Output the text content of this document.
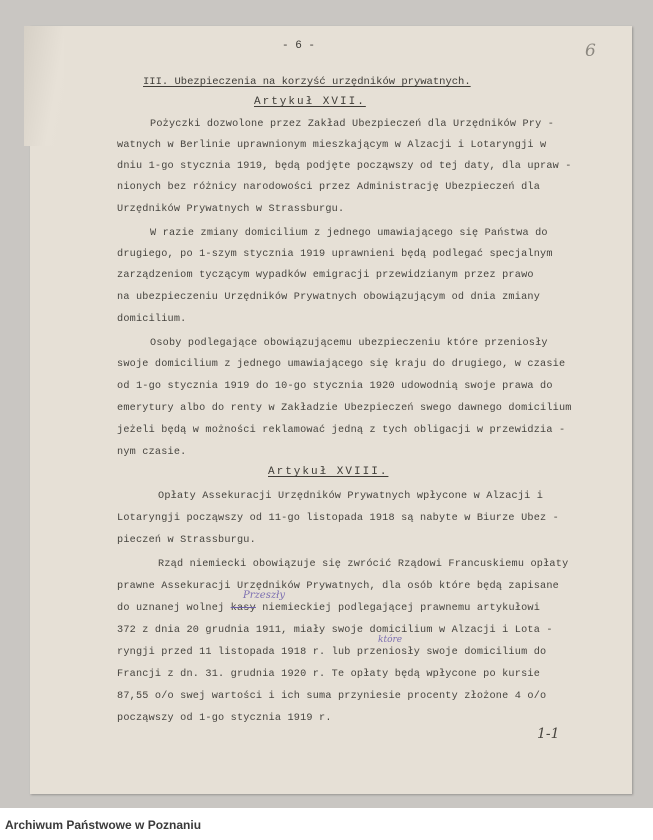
- 6 -	6
III. Ubezpieczenia na korzyść urzędników prywatnych.
Artykuł XVII.
Pożyczki dozwolone przez Zakład Ubezpieczeń dla Urzędników Pry -
watnych w Berlinie uprawnionym mieszkającym w Alzacji i Lotaryngji w
dniu 1-go stycznia 1919, będą podjęte począwszy od tej daty, dla upraw -
nionych bez różnicy narodowości przez Administrację Ubezpieczeń dla
Urzędników Prywatnych w Strassburgu.
W razie zmiany domicilium z jednego umawiającego się Państwa do
drugiego, po 1-szym stycznia 1919 uprawnieni będą podlegać specjalnym
zarządzeniom tyczącym wypadków emigracji przewidzianym przez prawo
na ubezpieczeniu Urzędników Prywatnych obowiązującym od dnia zmiany
domicilium.
Osoby podlegające obowiązującemu ubezpieczeniu które przeniosły
swoje domicilium z jednego umawiającego się kraju do drugiego, w czasie
od 1-go stycznia 1919 do 10-go stycznia 1920 udowodnią swoje prawa do
emerytury albo do renty w Zakładzie Ubezpieczeń swego dawnego domicilium
jeżeli będą w możności reklamować jedną z tych obligacji w przewidzia -
nym czasie.
Artykuł XVIII.
Opłaty Assekuracji Urzędników Prywatnych wpłycone w Alzacji i
Lotaryngji począwszy od 11-go listopada 1918 są nabyte w Biurze Ubez -
pieczeń w Strassburgu.
Rząd niemiecki obowiązuje się zwrócić Rządowi Francuskiemu opłaty
prawne Assekuracji Urzędników Prywatnych, dla osób które będą zapisane
do uznanej wolnej kasy niemieckiej podlegającej prawnemu artykułowi
372 z dnia 20 grudnia 1911, miały swoje domicilium w Alzacji i Lota -
ryngji przed 11 listopada 1918 r. lub przeniosły swoje domicilium do
Francji z dn. 31. grudnia 1920 r. Te opłaty będą wpłycone po kursie
87,55 o/o swej wartości i ich suma przyniesie procenty złożone 4 o/o
począwszy od 1-go stycznia 1919 r.
Przeszły
które
1-1
Archiwum Państwowe w Poznaniu
